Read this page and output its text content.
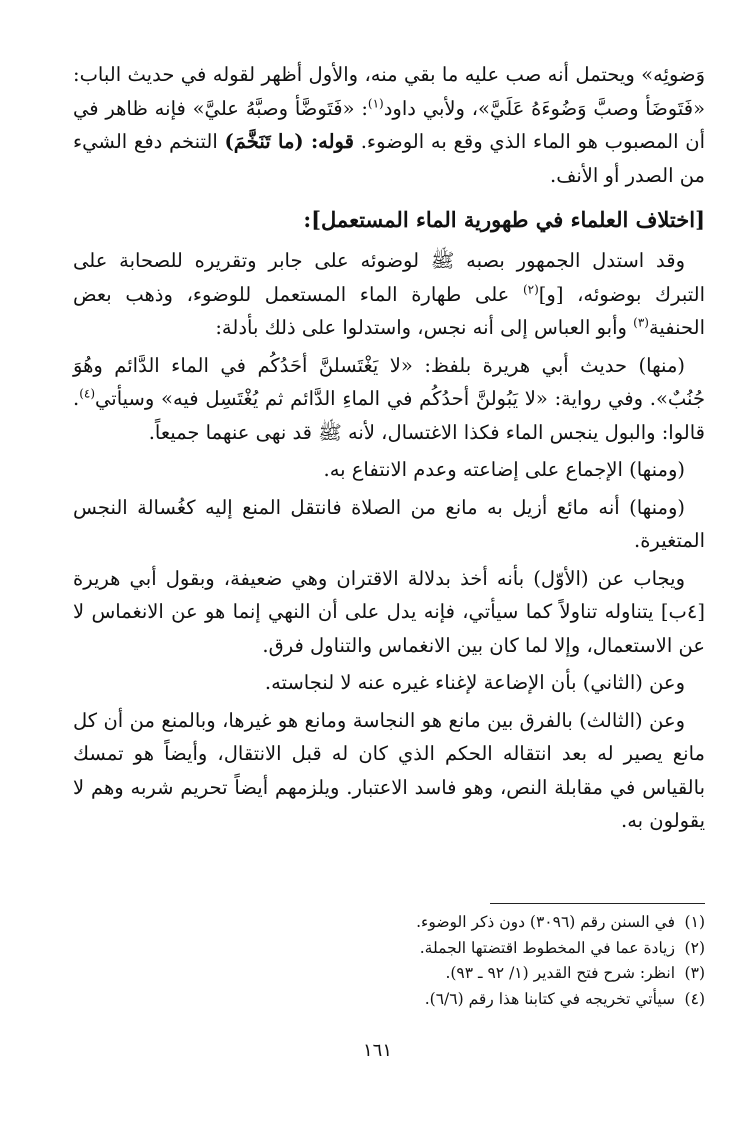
وَضوئِه» ويحتمل أنه صب عليه ما بقي منه، والأول أظهر لقوله في حديث الباب: «فَتَوضَأ وصبَّ وَضُوءَهُ عَلَيَّ»، ولأبي داود$^{(١)}$: «فَتَوضَّأ وصبَّهُ عليَّ» فإنه ظاهر في أن المصبوب هو الماء الذي وقع به الوضوء. قوله: (ما تَنَخَّمَ) التنخم دفع الشيء من الصدر أو الأنف.

[اختلاف العلماء في طهورية الماء المستعمل]:

وقد استدل الجمهور بصبه ﷺ لوضوئه على جابر وتقريره للصحابة على التبرك بوضوئه، [و]$^{(٢)}$ على طهارة الماء المستعمل للوضوء، وذهب بعض الحنفية$^{(٣)}$ وأبو العباس إلى أنه نجس، واستدلوا على ذلك بأدلة:

(منها) حديث أبي هريرة بلفظ: «لا يَغْتَسلنَّ أحَدُكُم في الماء الدَّائم وهُوَ جُنُبٌ». وفي رواية: «لا يَبُولنَّ أحدُكُم في الماءِ الدَّائم ثم يُغْتَسِل فيه» وسيأتي$^{(٤)}$. قالوا: والبول ينجس الماء فكذا الاغتسال، لأنه ﷺ قد نهى عنهما جميعاً.

(ومنها) الإجماع على إضاعته وعدم الانتفاع به.

(ومنها) أنه مائع أزيل به مانع من الصلاة فانتقل المنع إليه كغُسالة النجس المتغيرة.

ويجاب عن (الأوّل) بأنه أخذ بدلالة الاقتران وهي ضعيفة، وبقول أبي هريرة [٤ب] يتناوله تناولاً كما سيأتي، فإنه يدل على أن النهي إنما هو عن الانغماس لا عن الاستعمال، وإلا لما كان بين الانغماس والتناول فرق.

وعن (الثاني) بأن الإضاعة لإغناء غيره عنه لا لنجاسته.

وعن (الثالث) بالفرق بين مانع هو النجاسة ومانع هو غيرها، وبالمنع من أن كل مانع يصير له بعد انتقاله الحكم الذي كان له قبل الانتقال، وأيضاً هو تمسك بالقياس في مقابلة النص، وهو فاسد الاعتبار. ويلزمهم أيضاً تحريم شربه وهم لا يقولون به.

(١)في السنن رقم (٣٠٩٦) دون ذكر الوضوء.

(٢)زيادة عما في المخطوط اقتضتها الجملة.

(٣)انظر: شرح فتح القدير (١/ ٩٢ ـ ٩٣).

(٤)سيأتي تخريجه في كتابنا هذا رقم (٦/٦).

١٦١
